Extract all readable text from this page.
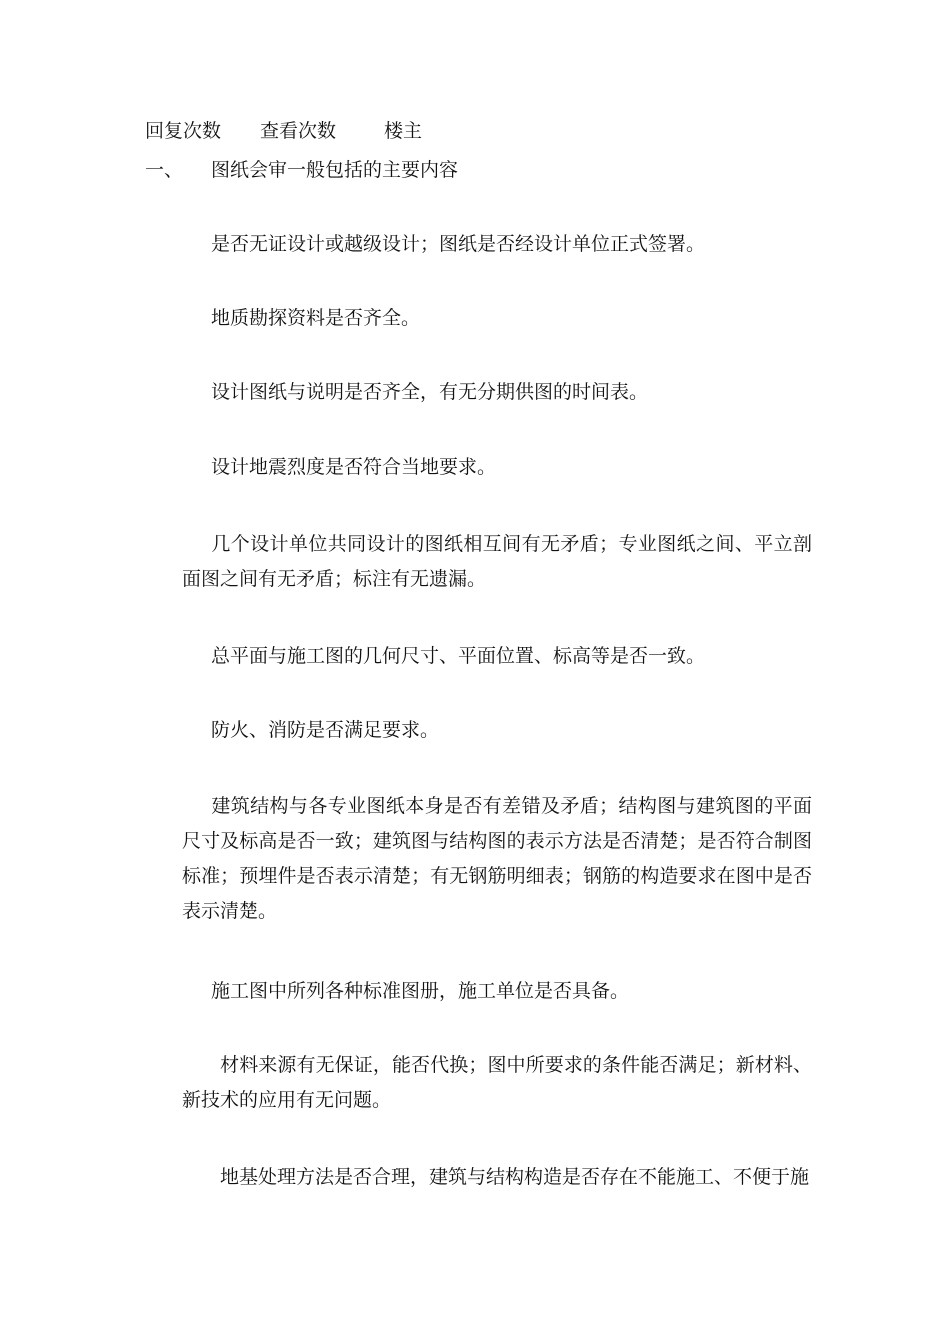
回复次数 查看次数	楼主
一、 图纸会审一般包括的主要内容
是否无证设计或越级设计；图纸是否经设计单位正式签署。
地质勘探资料是否齐全。
设计图纸与说明是否齐全，有无分期供图的时间表。
设计地震烈度是否符合当地要求。
几个设计单位共同设计的图纸相互间有无矛盾；专业图纸之间、平立剖面图之间有无矛盾；标注有无遗漏。
总平面与施工图的几何尺寸、平面位置、标高等是否一致。
防火、消防是否满足要求。
建筑结构与各专业图纸本身是否有差错及矛盾；结构图与建筑图的平面尺寸及标高是否一致；建筑图与结构图的表示方法是否清楚；是否符合制图标准；预埋件是否表示清楚；有无钢筋明细表；钢筋的构造要求在图中是否表示清楚。
施工图中所列各种标准图册，施工单位是否具备。
材料来源有无保证，能否代换；图中所要求的条件能否满足；新材料、新技术的应用有无问题。
地基处理方法是否合理，建筑与结构构造是否存在不能施工、不便于施
